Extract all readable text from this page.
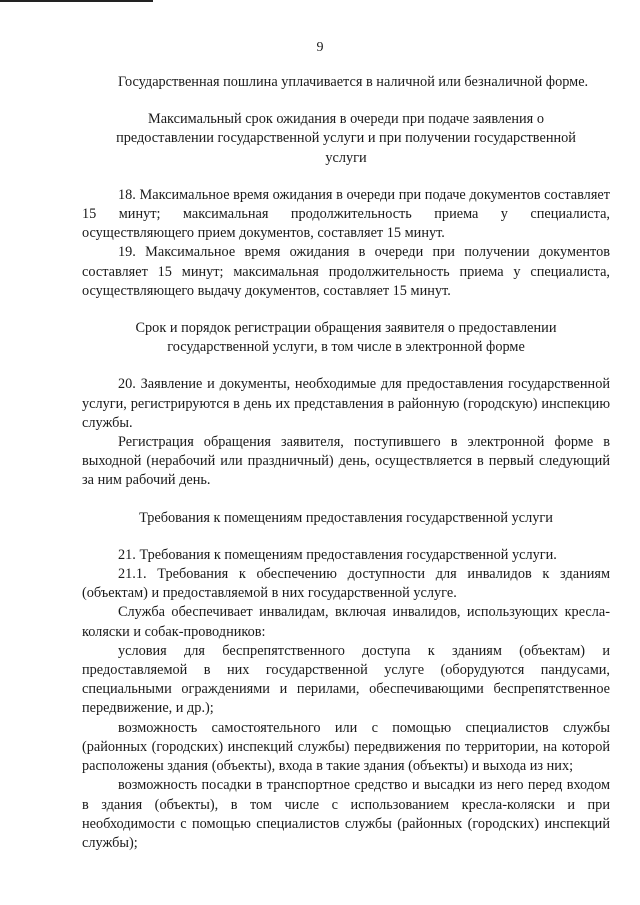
9

Государственная пошлина уплачивается в наличной или безналичной форме.

Максимальный срок ожидания в очереди при подаче заявления о предоставлении государственной услуги и при получении государственной услуги

18. Максимальное время ожидания в очереди при подаче документов составляет 15 минут; максимальная продолжительность приема у специалиста, осуществляющего прием документов, составляет 15 минут.

19. Максимальное время ожидания в очереди при получении документов составляет 15 минут; максимальная продолжительность приема у специалиста, осуществляющего выдачу документов, составляет 15 минут.

Срок и порядок регистрации обращения заявителя о предоставлении государственной услуги, в том числе в электронной форме

20. Заявление и документы, необходимые для предоставления государственной услуги, регистрируются в день их представления в районную (городскую) инспекцию службы.

Регистрация обращения заявителя, поступившего в электронной форме в выходной (нерабочий или праздничный) день, осуществляется в первый следующий за ним рабочий день.

Требования к помещениям предоставления государственной услуги

21. Требования к помещениям предоставления государственной услуги.

21.1. Требования к обеспечению доступности для инвалидов к зданиям (объектам) и предоставляемой в них государственной услуге.

Служба обеспечивает инвалидам, включая инвалидов, использующих кресла-коляски и собак-проводников:

условия для беспрепятственного доступа к зданиям (объектам) и предоставляемой в них государственной услуге (оборудуются пандусами, специальными ограждениями и перилами, обеспечивающими беспрепятственное передвижение, и др.);

возможность самостоятельного или с помощью специалистов службы (районных (городских) инспекций службы) передвижения по территории, на которой расположены здания (объекты), входа в такие здания (объекты) и выхода из них;

возможность посадки в транспортное средство и высадки из него перед входом в здания (объекты), в том числе с использованием кресла-коляски и при необходимости с помощью специалистов службы (районных (городских) инспекций службы);
